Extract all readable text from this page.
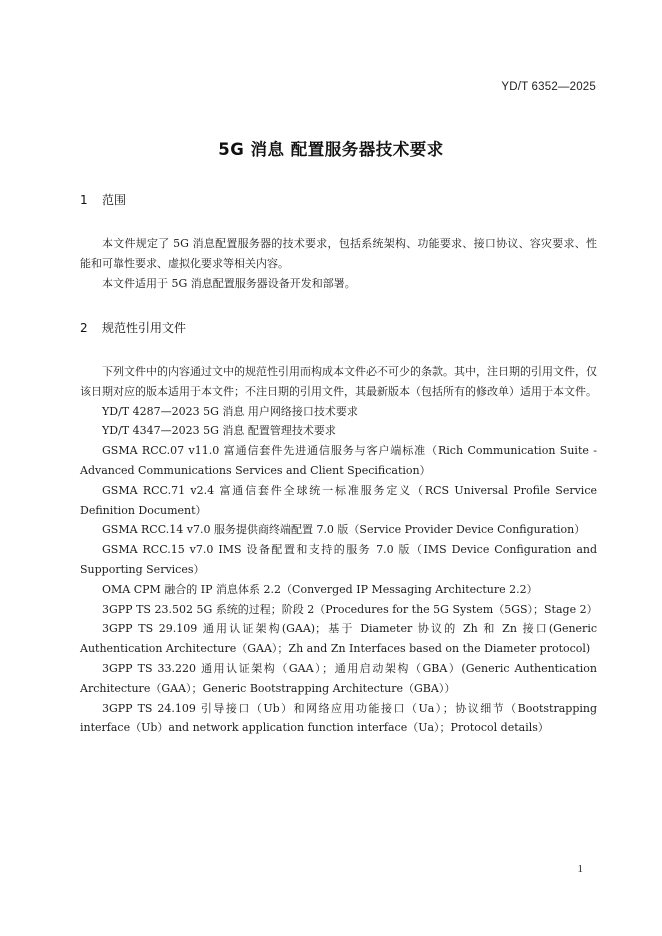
YD/T 6352—2025
5G 消息 配置服务器技术要求
1 范围

本文件规定了 5G 消息配置服务器的技术要求，包括系统架构、功能要求、接口协议、容灾要求、性能和可靠性要求、虚拟化要求等相关内容。

本文件适用于 5G 消息配置服务器设备开发和部署。

2 规范性引用文件

下列文件中的内容通过文中的规范性引用而构成本文件必不可少的条款。其中，注日期的引用文件，仅该日期对应的版本适用于本文件；不注日期的引用文件，其最新版本（包括所有的修改单）适用于本文件。

YD/T 4287—2023 5G 消息 用户网络接口技术要求

YD/T 4347—2023 5G 消息 配置管理技术要求

GSMA RCC.07 v11.0 富通信套件先进通信服务与客户端标准（Rich Communication Suite -Advanced Communications Services and Client Specification）

GSMA RCC.71 v2.4 富通信套件全球统一标准服务定义（RCS Universal Profile Service Definition Document）

GSMA RCC.14 v7.0 服务提供商终端配置 7.0 版（Service Provider Device Configuration）

GSMA RCC.15 v7.0 IMS 设备配置和支持的服务 7.0 版（IMS Device Configuration and Supporting Services）

OMA CPM 融合的 IP 消息体系 2.2（Converged IP Messaging Architecture 2.2）

3GPP TS 23.502 5G 系统的过程；阶段 2（Procedures for the 5G System（5GS）；Stage 2）

3GPP TS 29.109 通用认证架构(GAA)；基于 Diameter 协议的 Zh 和 Zn 接口(Generic Authentication Architecture（GAA）；Zh and Zn Interfaces based on the Diameter protocol)

3GPP TS 33.220 通用认证架构（GAA）；通用启动架构（GBA）(Generic Authentication Architecture（GAA）；Generic Bootstrapping Architecture（GBA））

3GPP TS 24.109 引导接口（Ub）和网络应用功能接口（Ua）；协议细节（Bootstrapping interface（Ub）and network application function interface（Ua）；Protocol details）

1
